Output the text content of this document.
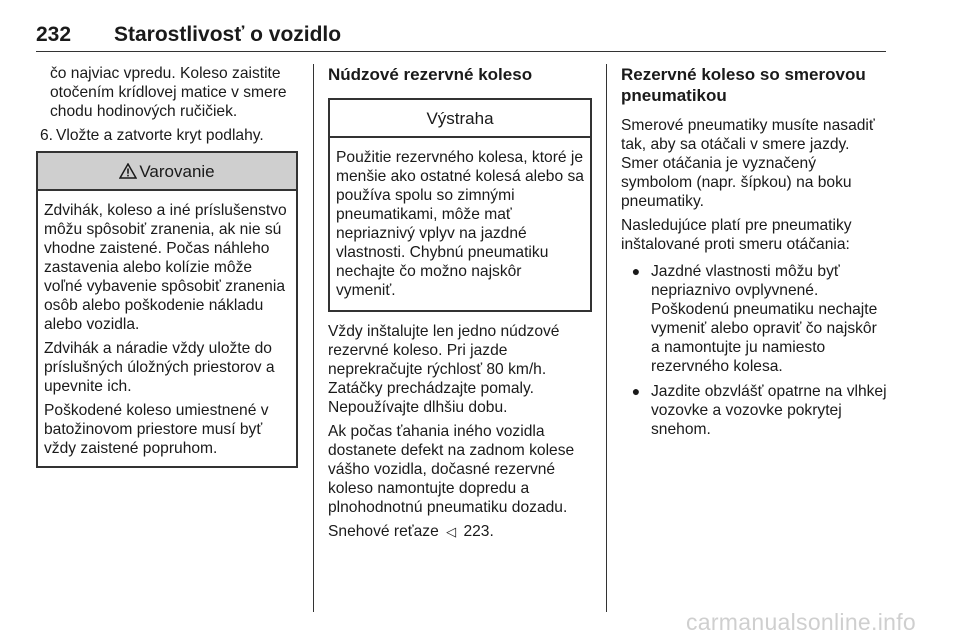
232 Starostlivosť o vozidlo

čo najviac vpredu. Koleso zaistite otočením krídlovej matice v smere chodu hodinových ručičiek.

6. Vložte a zatvorte kryt podlahy.
Varovanie

Zdvihák, koleso a iné príslušenstvo môžu spôsobiť zranenia, ak nie sú vhodne zaistené. Počas náhleho zastavenia alebo kolízie môže voľné vybavenie spôsobiť zranenia osôb alebo poškodenie nákladu alebo vozidla.

Zdvihák a náradie vždy uložte do príslušných úložných priestorov a upevnite ich.

Poškodené koleso umiestnené v batožinovom priestore musí byť vždy zaistené popruhom.

Núdzové rezervné koleso
Výstraha

Použitie rezervného kolesa, ktoré je menšie ako ostatné kolesá alebo sa používa spolu so zimnými pneumatikami, môže mať nepriaznivý vplyv na jazdné vlastnosti. Chybnú pneumatiku nechajte čo možno najskôr vymeniť.

Vždy inštalujte len jedno núdzové rezervné koleso. Pri jazde neprekračujte rýchlosť 80 km/h. Zatáčky prechádzajte pomaly. Nepoužívajte dlhšiu dobu.

Ak počas ťahania iného vozidla dostanete defekt na zadnom kolese vášho vozidla, dočasné rezervné koleso namontujte dopredu a plnohodnotnú pneumatiku dozadu.

Snehové reťaze ◁ 223.

Rezervné koleso so smerovou pneumatikou

Smerové pneumatiky musíte nasadiť tak, aby sa otáčali v smere jazdy. Smer otáčania je vyznačený symbolom (napr. šípkou) na boku pneumatiky.

Nasledujúce platí pre pneumatiky inštalované proti smeru otáčania:

● Jazdné vlastnosti môžu byť nepriaznivo ovplyvnené. Poškodenú pneumatiku nechajte vymeniť alebo opraviť čo najskôr a namontujte ju namiesto rezervného kolesa.
● Jazdite obzvlášť opatrne na vlhkej vozovke a vozovke pokrytej snehom.
carmanualsonline.info
